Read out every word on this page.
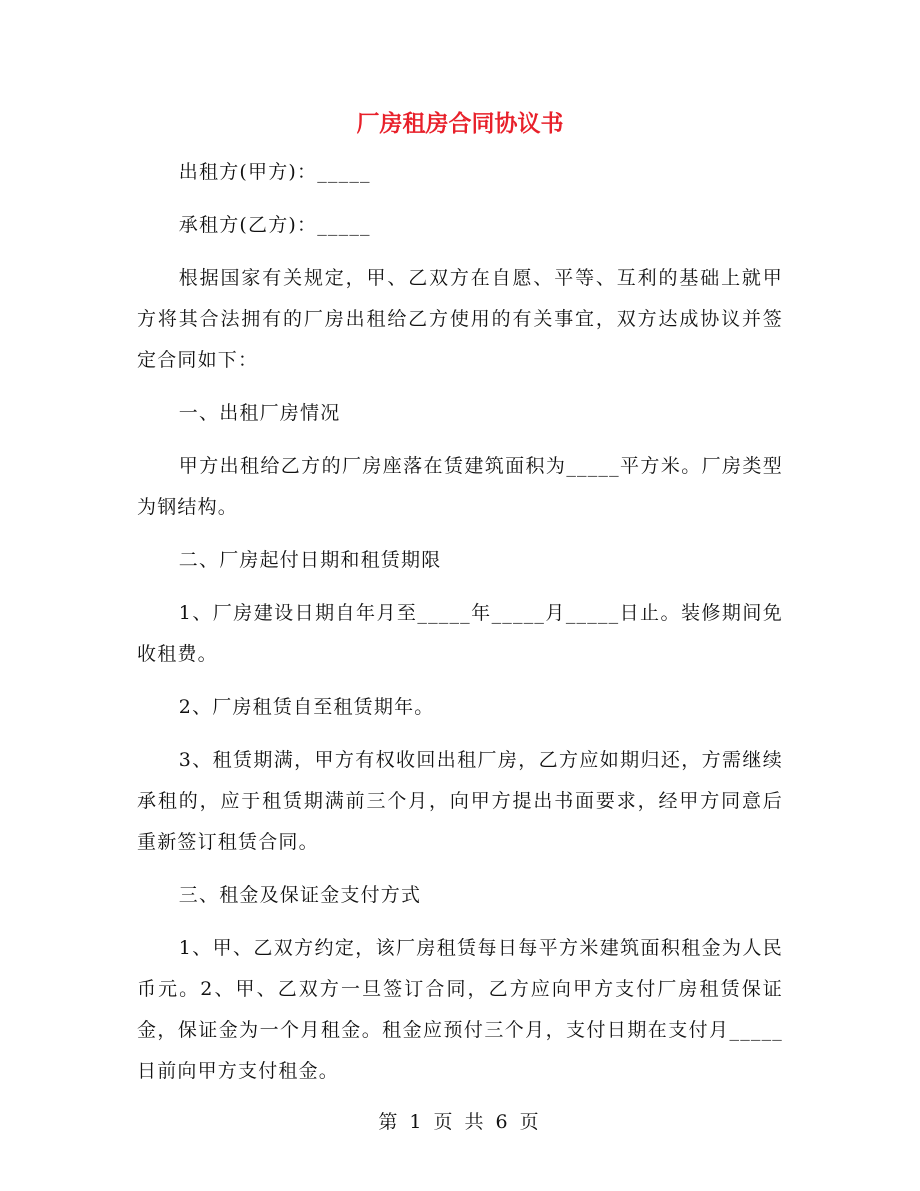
厂房租房合同协议书

出租方(甲方)：_____

承租方(乙方)：_____

根据国家有关规定，甲、乙双方在自愿、平等、互利的基础上就甲方将其合法拥有的厂房出租给乙方使用的有关事宜，双方达成协议并签定合同如下：

一、出租厂房情况

甲方出租给乙方的厂房座落在赁建筑面积为_____平方米。厂房类型为钢结构。

二、厂房起付日期和租赁期限

1、厂房建设日期自年月至_____年_____月_____日止。装修期间免收租费。

2、厂房租赁自至租赁期年。

3、租赁期满，甲方有权收回出租厂房，乙方应如期归还，方需继续承租的，应于租赁期满前三个月，向甲方提出书面要求，经甲方同意后重新签订租赁合同。

三、租金及保证金支付方式

1、甲、乙双方约定，该厂房租赁每日每平方米建筑面积租金为人民币元。2、甲、乙双方一旦签订合同，乙方应向甲方支付厂房租赁保证金，保证金为一个月租金。租金应预付三个月，支付日期在支付月_____日前向甲方支付租金。

第 1 页 共 6 页
